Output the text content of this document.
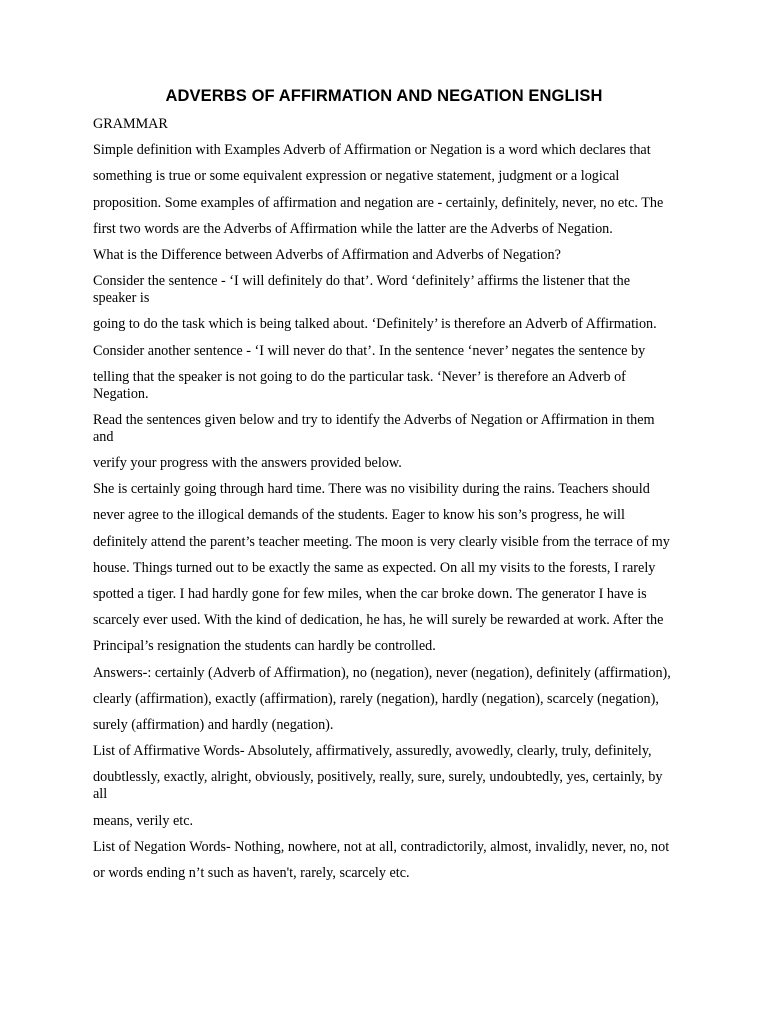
ADVERBS OF AFFIRMATION AND NEGATION ENGLISH

GRAMMAR

Simple definition with Examples Adverb of Affirmation or Negation is a word which declares that

something is true or some equivalent expression or negative statement, judgment or a logical

proposition. Some examples of affirmation and negation are - certainly, definitely, never, no etc. The

first two words are the Adverbs of Affirmation while the latter are the Adverbs of Negation.

What is the Difference between Adverbs of Affirmation and Adverbs of Negation?

Consider the sentence - ‘I will definitely do that’. Word ‘definitely’ affirms the listener that the speaker is

going to do the task which is being talked about. ‘Definitely’ is therefore an Adverb of Affirmation.

Consider another sentence - ‘I will never do that’. In the sentence ‘never’ negates the sentence by

telling that the speaker is not going to do the particular task. ‘Never’ is therefore an Adverb of Negation.

Read the sentences given below and try to identify the Adverbs of Negation or Affirmation in them and

verify your progress with the answers provided below.

She is certainly going through hard time. There was no visibility during the rains. Teachers should

never agree to the illogical demands of the students. Eager to know his son’s progress, he will

definitely attend the parent’s teacher meeting. The moon is very clearly visible from the terrace of my

house. Things turned out to be exactly the same as expected. On all my visits to the forests, I rarely

spotted a tiger. I had hardly gone for few miles, when the car broke down. The generator I have is

scarcely ever used. With the kind of dedication, he has, he will surely be rewarded at work. After the

Principal’s resignation the students can hardly be controlled.

Answers-: certainly (Adverb of Affirmation), no (negation), never (negation), definitely (affirmation),

clearly (affirmation), exactly (affirmation), rarely (negation), hardly (negation), scarcely (negation),

surely (affirmation) and hardly (negation).

List of Affirmative Words- Absolutely, affirmatively, assuredly, avowedly, clearly, truly, definitely,

doubtlessly, exactly, alright, obviously, positively, really, sure, surely, undoubtedly, yes, certainly, by all

means, verily etc.

List of Negation Words- Nothing, nowhere, not at all, contradictorily, almost, invalidly, never, no, not

or words ending n’t such as haven't, rarely, scarcely etc.
